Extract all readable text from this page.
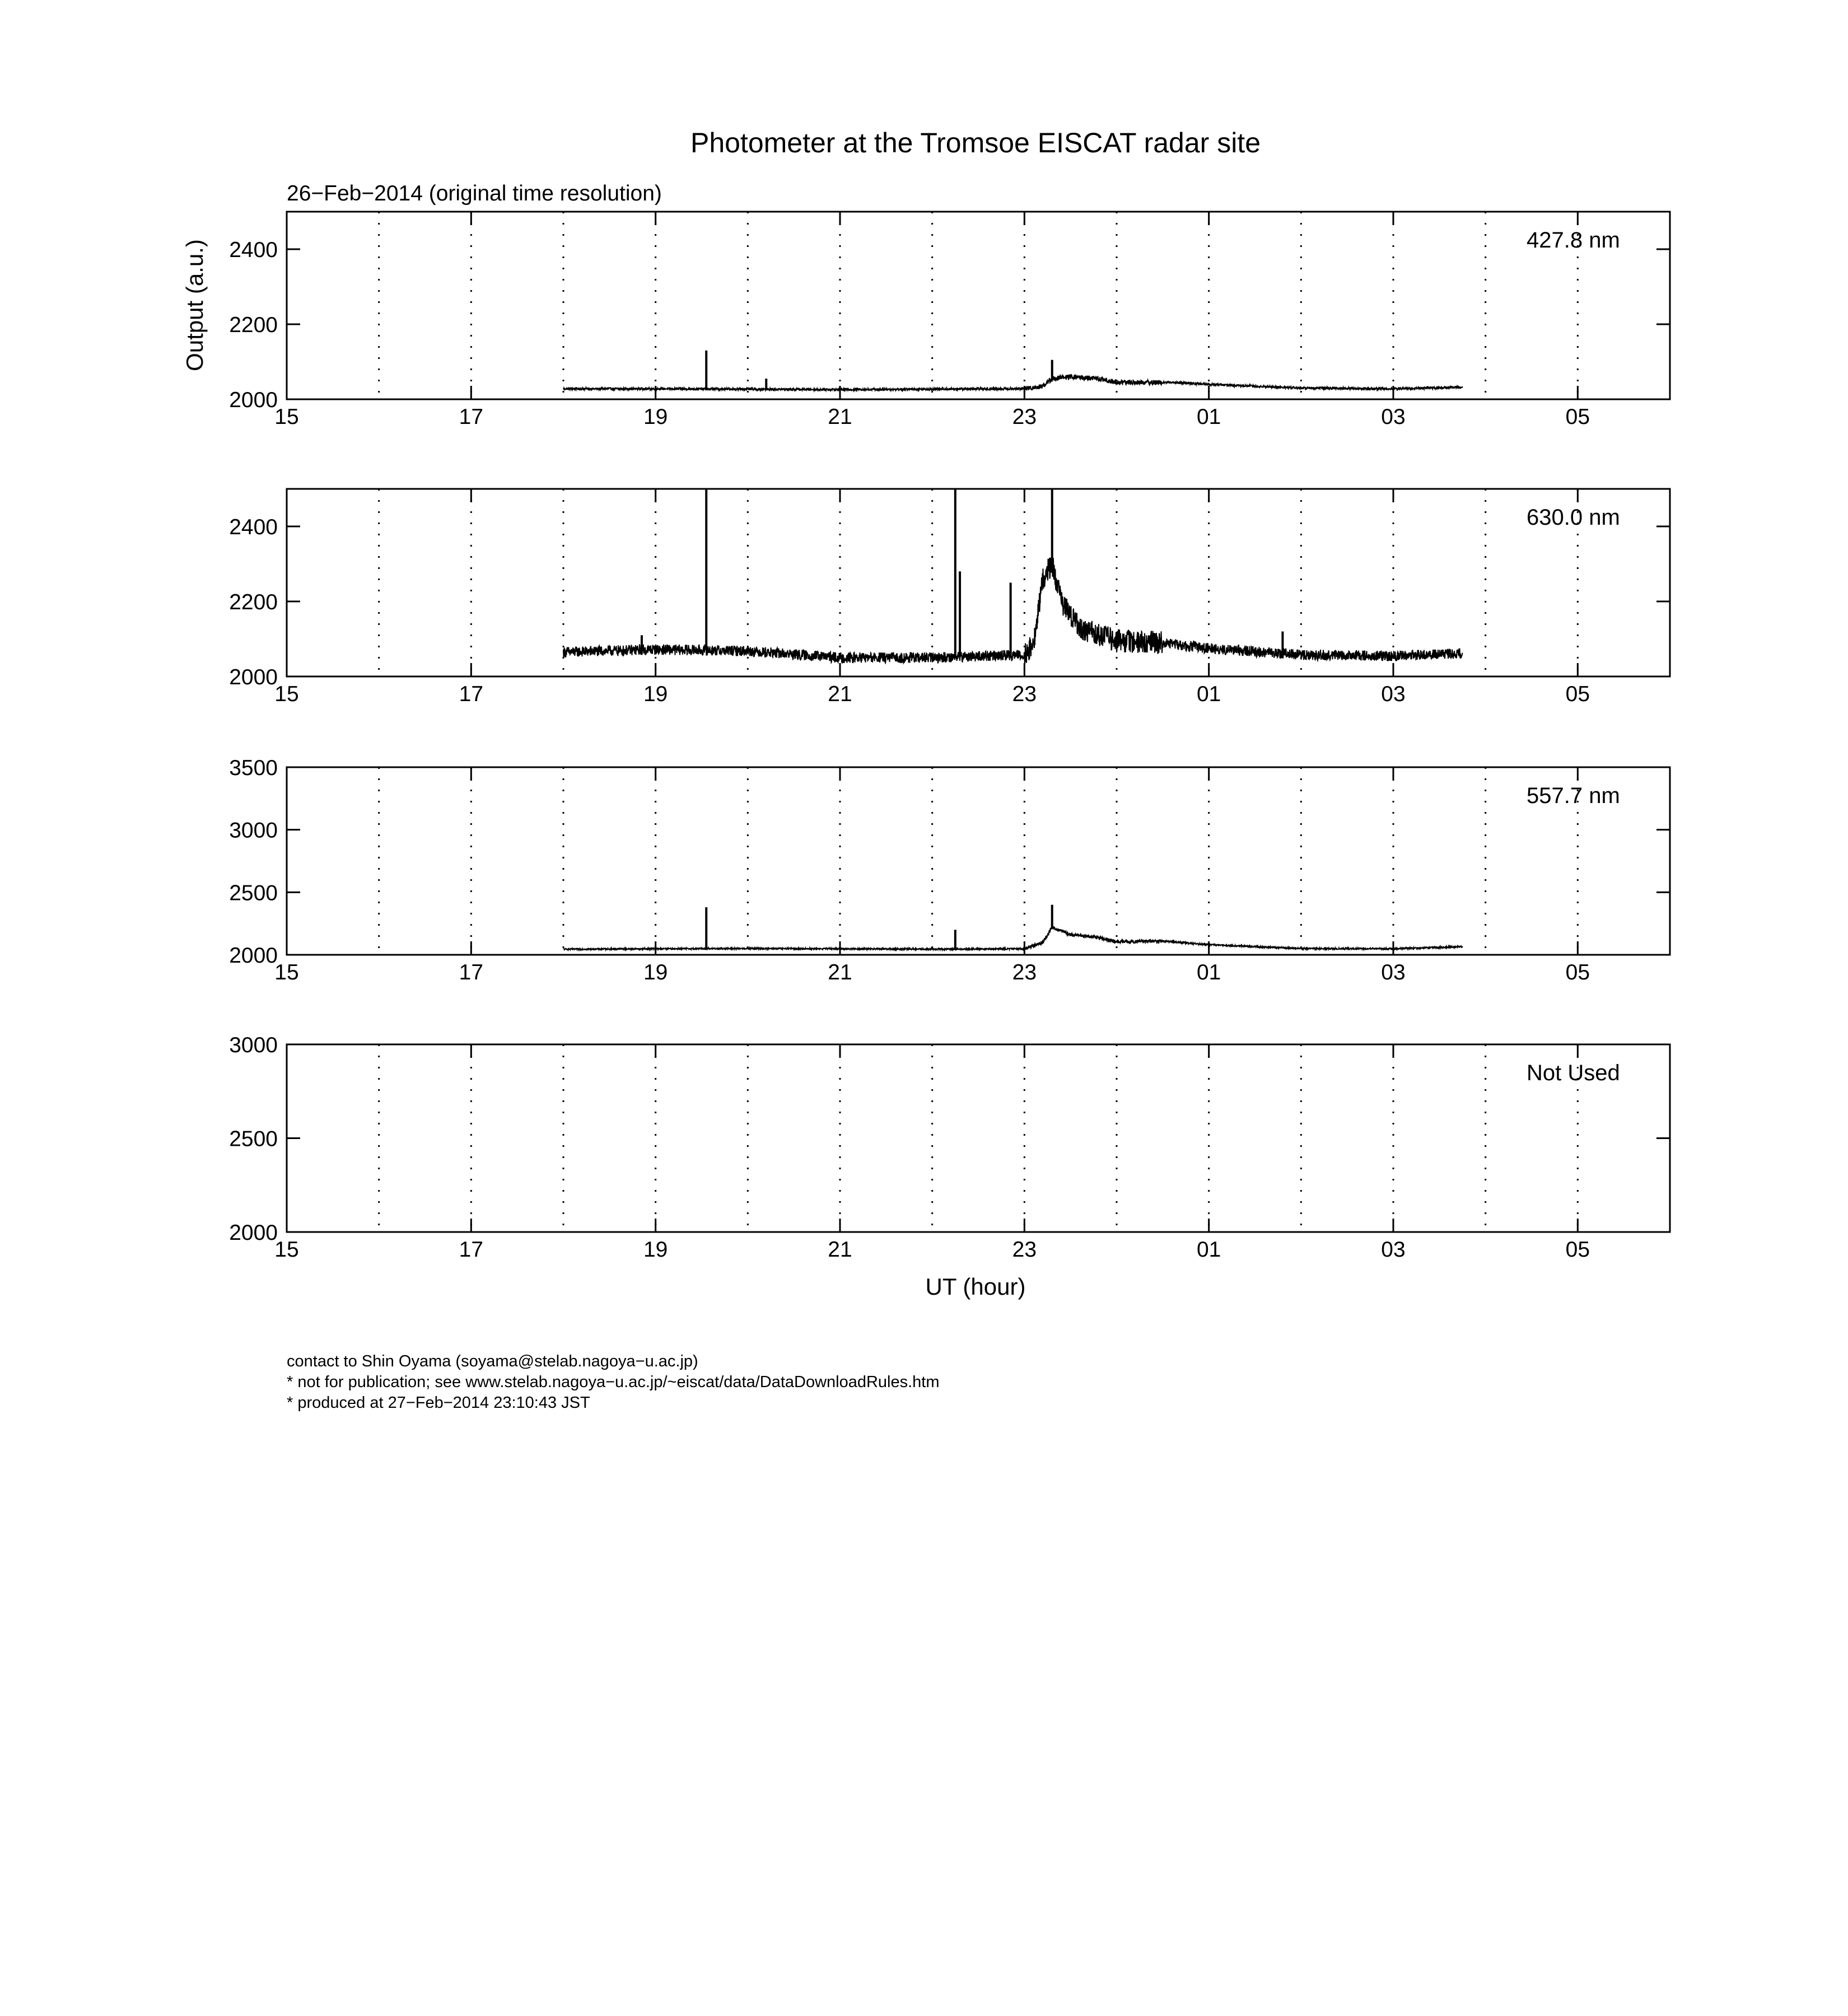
Photometer at the Tromsoe EISCAT radar site
26−Feb−2014 (original time resolution)
Output (a.u.)
15	17	19	21	23	01	03	05
2000
2200
2400	427.8 nm
15	17	19	21	23	01	03	05
2000
2200
2400	630.0 nm
15	17	19	21	23	01	03	05
2000
2500
3000
3500
557.7 nm
15	17	19	21	23	01	03	05
2000
2500
3000
Not Used
UT (hour)
contact to Shin Oyama (soyama@stelab.nagoya−u.ac.jp)
* not for publication; see www.stelab.nagoya−u.ac.jp/~eiscat/data/DataDownloadRules.htm
* produced at 27−Feb−2014 23:10:43 JST
